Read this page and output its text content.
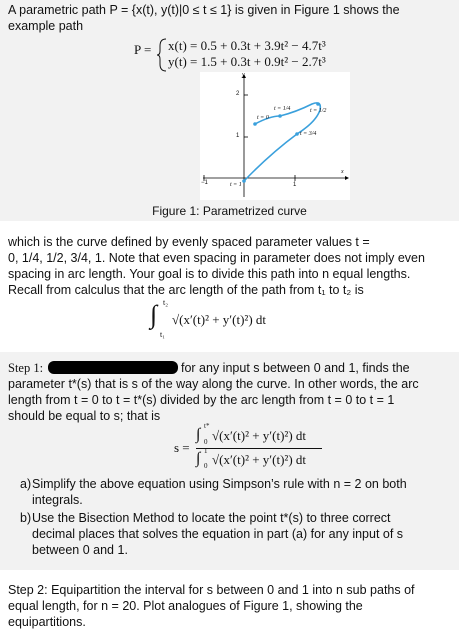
A parametric path P = {x(t), y(t)|0 ≤ t ≤ 1} is given in Figure 1 shows the
example path
P = x(t) = 0.5 + 0.3t + 3.9t² − 4.7t³
y(t) = 1.5 + 0.3t + 0.9t² − 2.7t³
y
x
2
1
−1	1
t = 0
t = 1/4	t = 1/2
t = 3/4
t = 1
Figure 1: Parametrized curve
which is the curve defined by evenly spaced parameter values t =
0, 1/4, 1/2, 3/4, 1. Note that even spacing in parameter does not imply even
spacing in arc length. Your goal is to divide this path into n equal lengths.
Recall from calculus that the arc length of the path from t₁ to t₂ is
∫ t₂
t₁
√(x′(t)² + y′(t)²) dt
Step 1:	for any input s between 0 and 1, finds the
parameter t*(s) that is s of the way along the curve. In other words, the arc
length from t = 0 to t = t*(s) divided by the arc length from t = 0 to t = 1
should be equal to s; that is
s =
∫ t*
0 √(x′(t)² + y′(t)²) dt
∫ 1
0 √(x′(t)² + y′(t)²) dt
a) Simplify the above equation using Simpson’s rule with n = 2 on both
integrals.
b) Use the Bisection Method to locate the point t*(s) to three correct
decimal places that solves the equation in part (a) for any input of s
between 0 and 1.
Step 2: Equipartition the interval for s between 0 and 1 into n sub paths of
equal length, for n = 20. Plot analogues of Figure 1, showing the
equipartitions.
